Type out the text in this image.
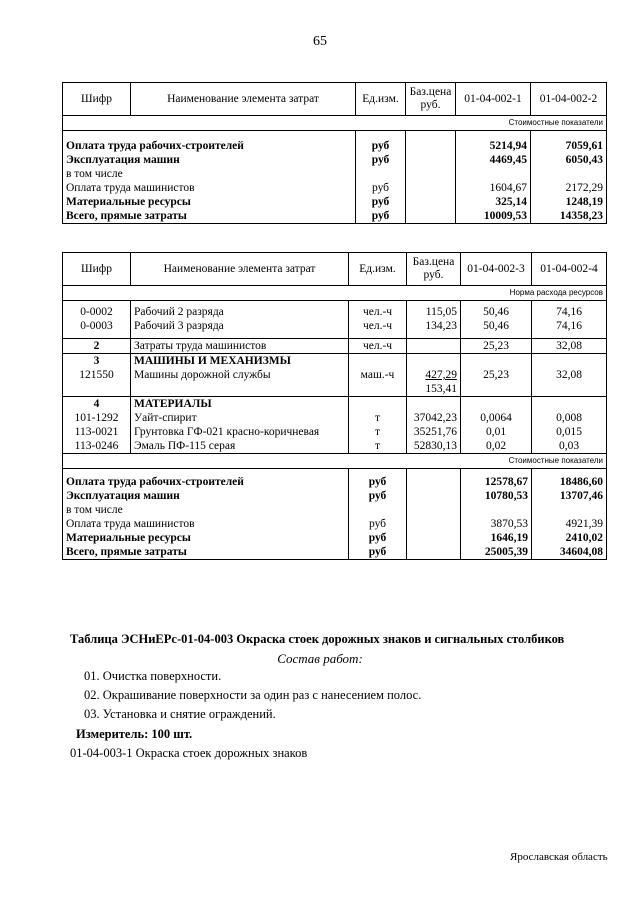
65
Шифр	Наименование элемента затрат	Ед.изм.	Баз.цена руб.	01-04-002-1	01-04-002-2
Стоимостные показатели					

Оплата труда рабочих-строителей		руб		5214,94	7059,61
Эксплуатация машин		руб		4469,45	6050,43
в том числе					
Оплата труда машинистов		руб		1604,67	2172,29
Материальные ресурсы		руб		325,14	1248,19
Всего, прямые затраты		руб		10009,53	14358,23
Шифр	Наименование элемента затрат	Ед.изм.	Баз.цена руб.	01-04-002-3	01-04-002-4
Норма расхода ресурсов					

0-0002	Рабочий 2 разряда	чел.-ч	115,05	50,46	74,16
0-0003	Рабочий 3 разряда	чел.-ч	134,23	50,46	74,16

2	Затраты труда машинистов	чел.-ч		25,23	32,08
3	МАШИНЫ И МЕХАНИЗМЫ				
121550	Машины дорожной службы	маш.-ч	427,29	25,23	32,08
			153,41		
4	МАТЕРИАЛЫ				
101-1292	Уайт-спирит	т	37042,23	0,0064	0,008
113-0021	Грунтовка ГФ-021 красно-коричневая	т	35251,76	0,01	0,015
113-0246	Эмаль ПФ-115 серая	т	52830,13	0,02	0,03
Стоимостные показатели					

Оплата труда рабочих-строителей		руб		12578,67	18486,60
Эксплуатация машин		руб		10780,53	13707,46
в том числе					
Оплата труда машинистов		руб		3870,53	4921,39
Материальные ресурсы		руб		1646,19	2410,02
Всего, прямые затраты		руб		25005,39	34604,08
Таблица ЭСНиЕРс-01-04-003 Окраска стоек дорожных знаков и сигнальных столбиков
Состав работ:
01. Очистка поверхности.
02. Окрашивание поверхности за один раз с нанесением полос.
03. Установка и снятие ограждений.
Измеритель: 100 шт.
01-04-003-1 Окраска стоек дорожных знаков
Ярославская область
